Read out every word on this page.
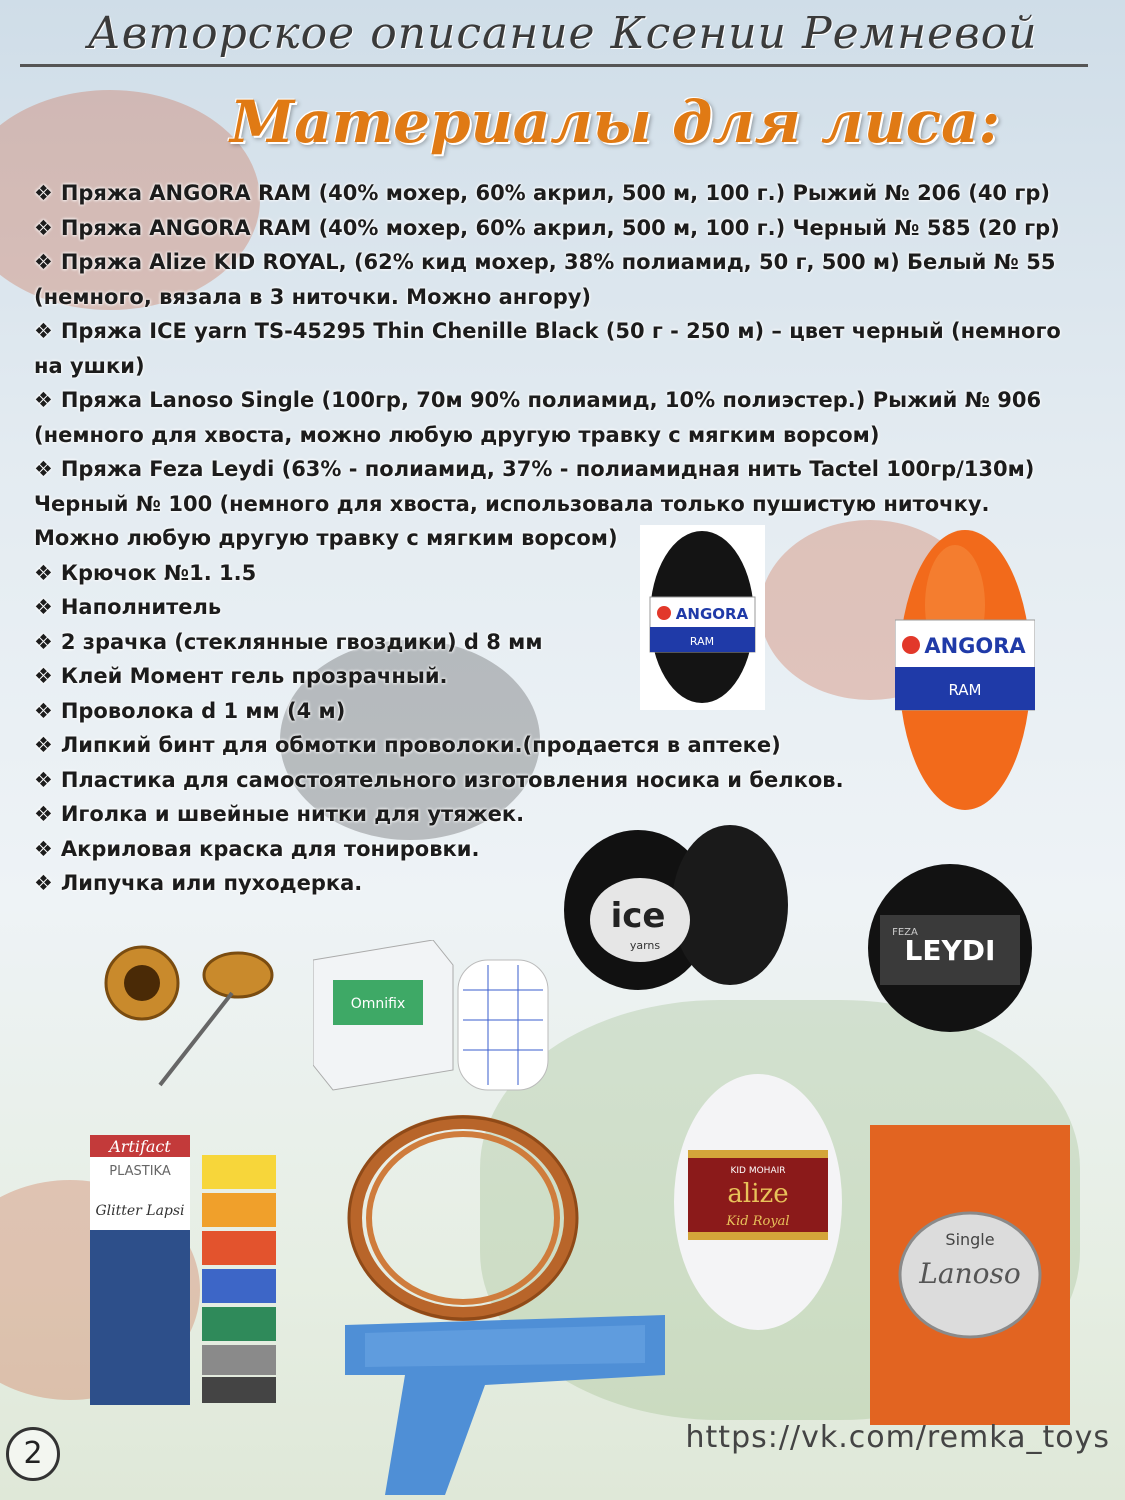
Авторское описание Ксении Ремневой
Материалы для лиса:
❖ Пряжа ANGORA RAM (40% мохер, 60% акрил, 500 м, 100 г.) Рыжий № 206 (40 гр)
❖ Пряжа ANGORA RAM (40% мохер, 60% акрил, 500 м, 100 г.) Черный № 585 (20 гр)
❖ Пряжа Alize KID ROYAL, (62% кид мохер, 38% полиамид, 50 г, 500 м) Белый № 55 (немного, вязала в 3 ниточки. Можно ангору)
❖ Пряжа ICE yarn TS-45295 Thin Chenille Black (50 г - 250 м) – цвет черный (немного на ушки)
❖ Пряжа Lanoso Single (100гр, 70м 90% полиамид, 10% полиэстер.) Рыжий № 906 (немного для хвоста, можно любую другую травку с мягким ворсом)
❖ Пряжа Feza Leydi (63% - полиамид, 37% - полиамидная нить Tactel 100гр/130м) Черный № 100 (немного для хвоста, использовала только пушистую ниточку. Можно любую другую травку с мягким ворсом)
❖ Крючок №1. 1.5
❖ Наполнитель
❖ 2 зрачка (стеклянные гвоздики) d 8 мм
❖ Клей Момент гель прозрачный.
❖ Проволока d 1 мм (4 м)
❖ Липкий бинт для обмотки проволоки.(продается в аптеке)
❖ Пластика для самостоятельного изготовления носика и белков.
❖ Иголка и швейные нитки для утяжек.
❖ Акриловая краска для тонировки.
❖ Липучка или пуходерка.
ANGORA
RAM	ANGORA
RAM
ice
yarns	LEYDI
FEZA
Omnifix
Artifact
PLASTIKA
Glitter Lapsi
KID MOHAIR
alize
Kid Royal
Single
Lanoso
2	https://vk.com/remka_toys
